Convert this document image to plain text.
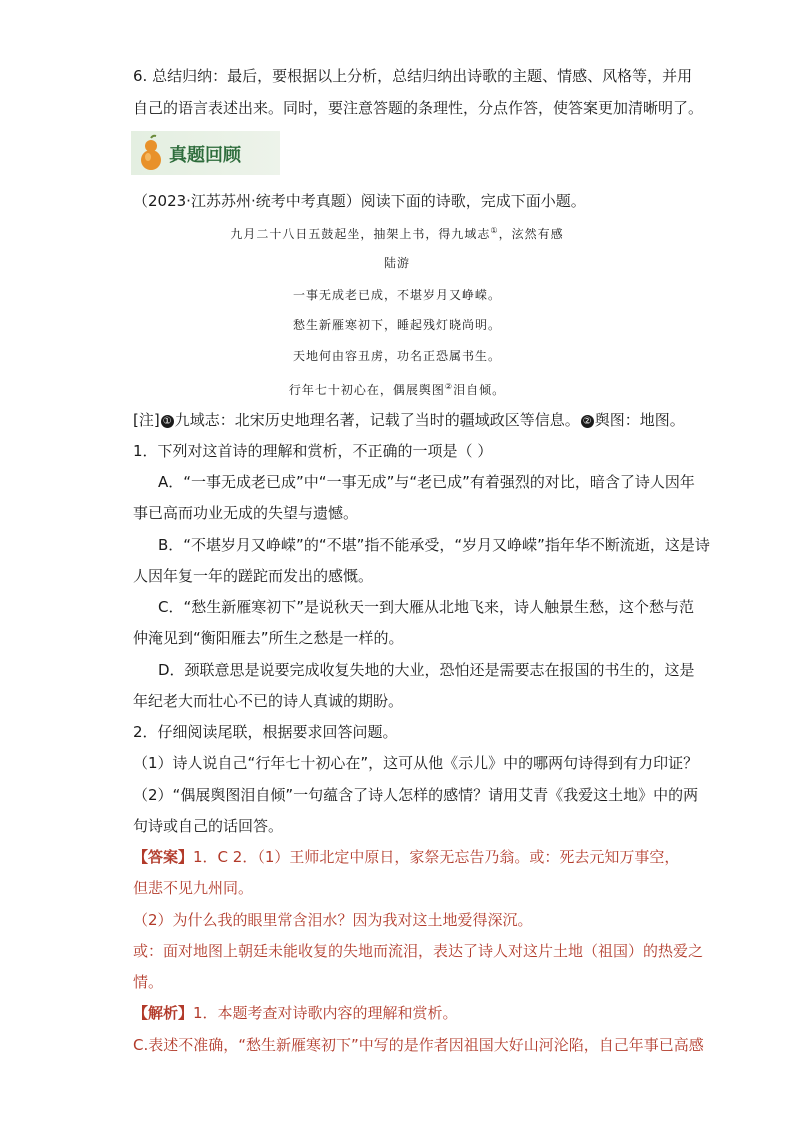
6. 总结归纳：最后，要根据以上分析，总结归纳出诗歌的主题、情感、风格等，并用
自己的语言表述出来。同时，要注意答题的条理性，分点作答，使答案更加清晰明了。
真题回顾
（2023·江苏苏州·统考中考真题）阅读下面的诗歌，完成下面小题。
九月二十八日五鼓起坐，抽架上书，得九域志①，泫然有感
陆游
一事无成老已成，不堪岁月又峥嵘。
愁生新雁寒初下，睡起残灯晓尚明。
天地何由容丑虏，功名正恐属书生。
行年七十初心在，偶展舆图②泪自倾。
[注] ① 九域志：北宋历史地理名著，记载了当时的疆域政区等信息。 ② 舆图：地图。
1．下列对这首诗的理解和赏析，不正确的一项是（ ）
A．“一事无成老已成”中“一事无成”与“老已成”有着强烈的对比，暗含了诗人因年
事已高而功业无成的失望与遗憾。
B．“不堪岁月又峥嵘”的“不堪”指不能承受，“岁月又峥嵘”指年华不断流逝，这是诗
人因年复一年的蹉跎而发出的感慨。
C．“愁生新雁寒初下”是说秋天一到大雁从北地飞来，诗人触景生愁，这个愁与范
仲淹见到“衡阳雁去”所生之愁是一样的。
D．颈联意思是说要完成收复失地的大业，恐怕还是需要志在报国的书生的，这是
年纪老大而壮心不已的诗人真诚的期盼。
2．仔细阅读尾联，根据要求回答问题。
（1）诗人说自己“行年七十初心在”，这可从他《示儿》中的哪两句诗得到有力印证？
（2）“偶展舆图泪自倾”一句蕴含了诗人怎样的感情？请用艾青《我爱这土地》中的两
句诗或自己的话回答。
【答案】1．C 2．（1）王师北定中原日，家祭无忘告乃翁。或：死去元知万事空，
但悲不见九州同。
（2）为什么我的眼里常含泪水？因为我对这土地爱得深沉。
或：面对地图上朝廷未能收复的失地而流泪，表达了诗人对这片土地（祖国）的热爱之
情。
【解析】1．本题考查对诗歌内容的理解和赏析。
C.表述不准确，“愁生新雁寒初下”中写的是作者因祖国大好山河沦陷，自己年事已高感
